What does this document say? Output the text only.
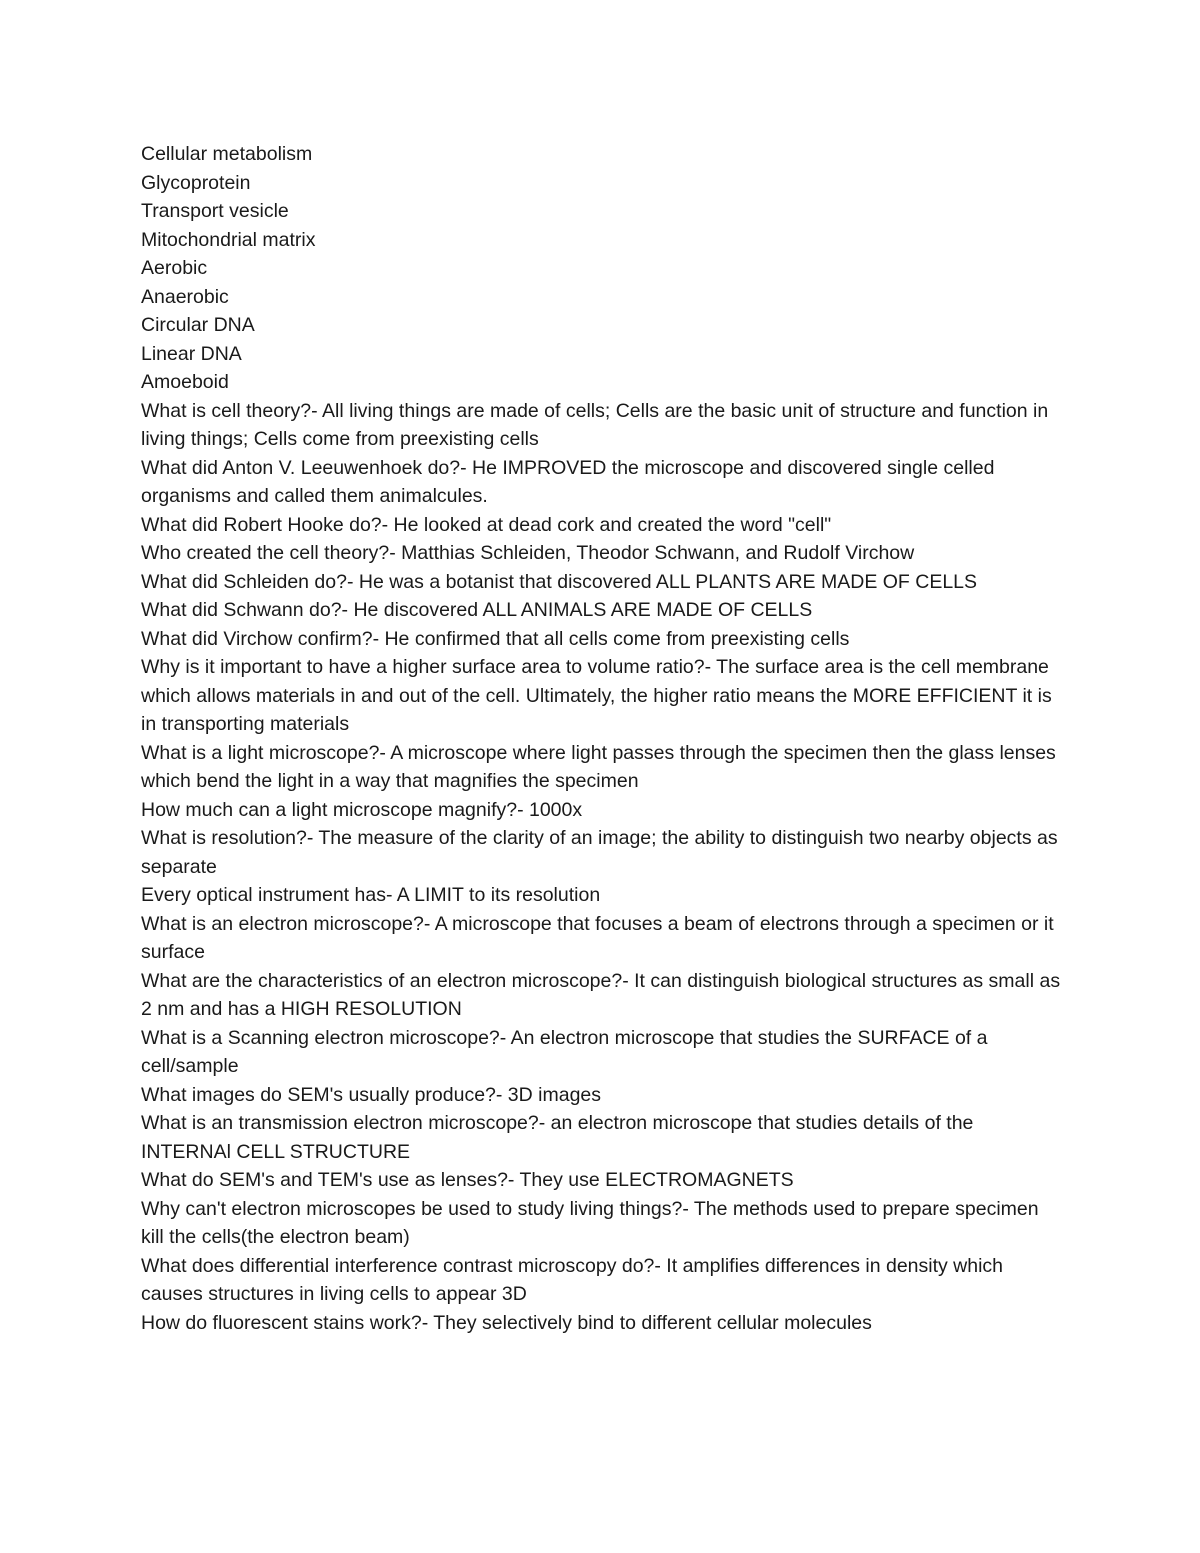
Cellular metabolism

Glycoprotein

Transport vesicle

Mitochondrial matrix

Aerobic

Anaerobic

Circular DNA

Linear DNA

Amoeboid

What is cell theory?- All living things are made of cells; Cells are the basic unit of structure and function in living things; Cells come from preexisting cells

What did Anton V. Leeuwenhoek do?- He IMPROVED the microscope and discovered single celled organisms and called them animalcules.

What did Robert Hooke do?- He looked at dead cork and created the word "cell"

Who created the cell theory?- Matthias Schleiden, Theodor Schwann, and Rudolf Virchow

What did Schleiden do?- He was a botanist that discovered ALL PLANTS ARE MADE OF CELLS

What did Schwann do?- He discovered ALL ANIMALS ARE MADE OF CELLS

What did Virchow confirm?- He confirmed that all cells come from preexisting cells

Why is it important to have a higher surface area to volume ratio?- The surface area is the cell membrane which allows materials in and out of the cell. Ultimately, the higher ratio means the MORE EFFICIENT it is in transporting materials

What is a light microscope?- A microscope where light passes through the specimen then the glass lenses which bend the light in a way that magnifies the specimen

How much can a light microscope magnify?- 1000x

What is resolution?- The measure of the clarity of an image; the ability to distinguish two nearby objects as separate

Every optical instrument has- A LIMIT to its resolution

What is an electron microscope?- A microscope that focuses a beam of electrons through a specimen or it surface

What are the characteristics of an electron microscope?- It can distinguish biological structures as small as 2 nm and has a HIGH RESOLUTION

What is a Scanning electron microscope?- An electron microscope that studies the SURFACE of a cell/sample

What images do SEM's usually produce?- 3D images

What is an transmission electron microscope?- an electron microscope that studies details of the INTERNAl CELL STRUCTURE

What do SEM's and TEM's use as lenses?- They use ELECTROMAGNETS

Why can't electron microscopes be used to study living things?- The methods used to prepare specimen kill the cells(the electron beam)

What does differential interference contrast microscopy do?- It amplifies differences in density which causes structures in living cells to appear 3D

How do fluorescent stains work?- They selectively bind to different cellular molecules
